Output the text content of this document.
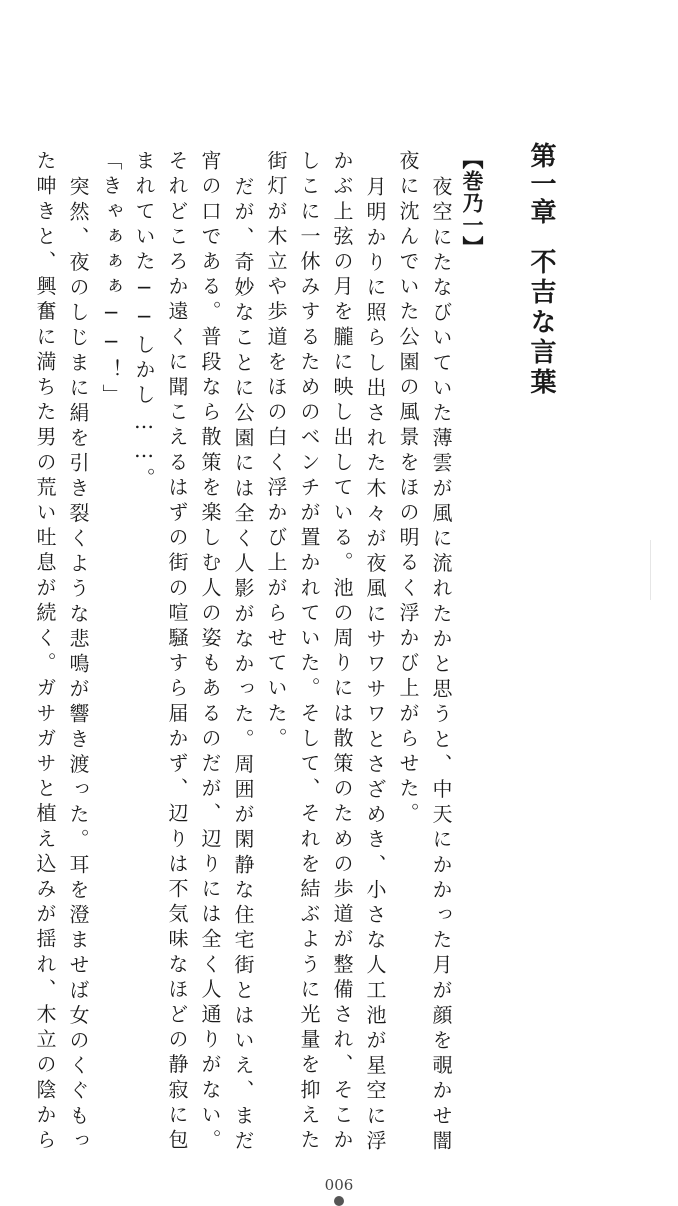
第一章不吉な言葉
【巻乃一】
夜空にたなびいていた薄雲が風に流れたかと思うと、中天にかかった月が顔を覗かせ闇
夜に沈んでいた公園の風景をほの明るく浮かび上がらせた。
月明かりに照らし出された木々が夜風にサワサワとさざめき、小さな人工池が星空に浮
かぶ上弦の月を朧に映し出している。池の周りには散策のための歩道が整備され、そこか
しこに一休みするためのベンチが置かれていた。そして、それを結ぶように光量を抑えた
街灯が木立や歩道をほの白く浮かび上がらせていた。
だが、奇妙なことに公園には全く人影がなかった。周囲が閑静な住宅街とはいえ、まだ
宵の口である。普段なら散策を楽しむ人の姿もあるのだが、辺りには全く人通りがない。
それどころか遠くに聞こえるはずの街の喧騒すら届かず、辺りは不気味なほどの静寂に包
まれていた──しかし……。
「きゃぁぁぁ──！」
突然、夜のしじまに絹を引き裂くような悲鳴が響き渡った。耳を澄ませば女のくぐもっ
た呻きと、興奮に満ちた男の荒い吐息が続く。ガサガサと植え込みが揺れ、木立の陰から
006
